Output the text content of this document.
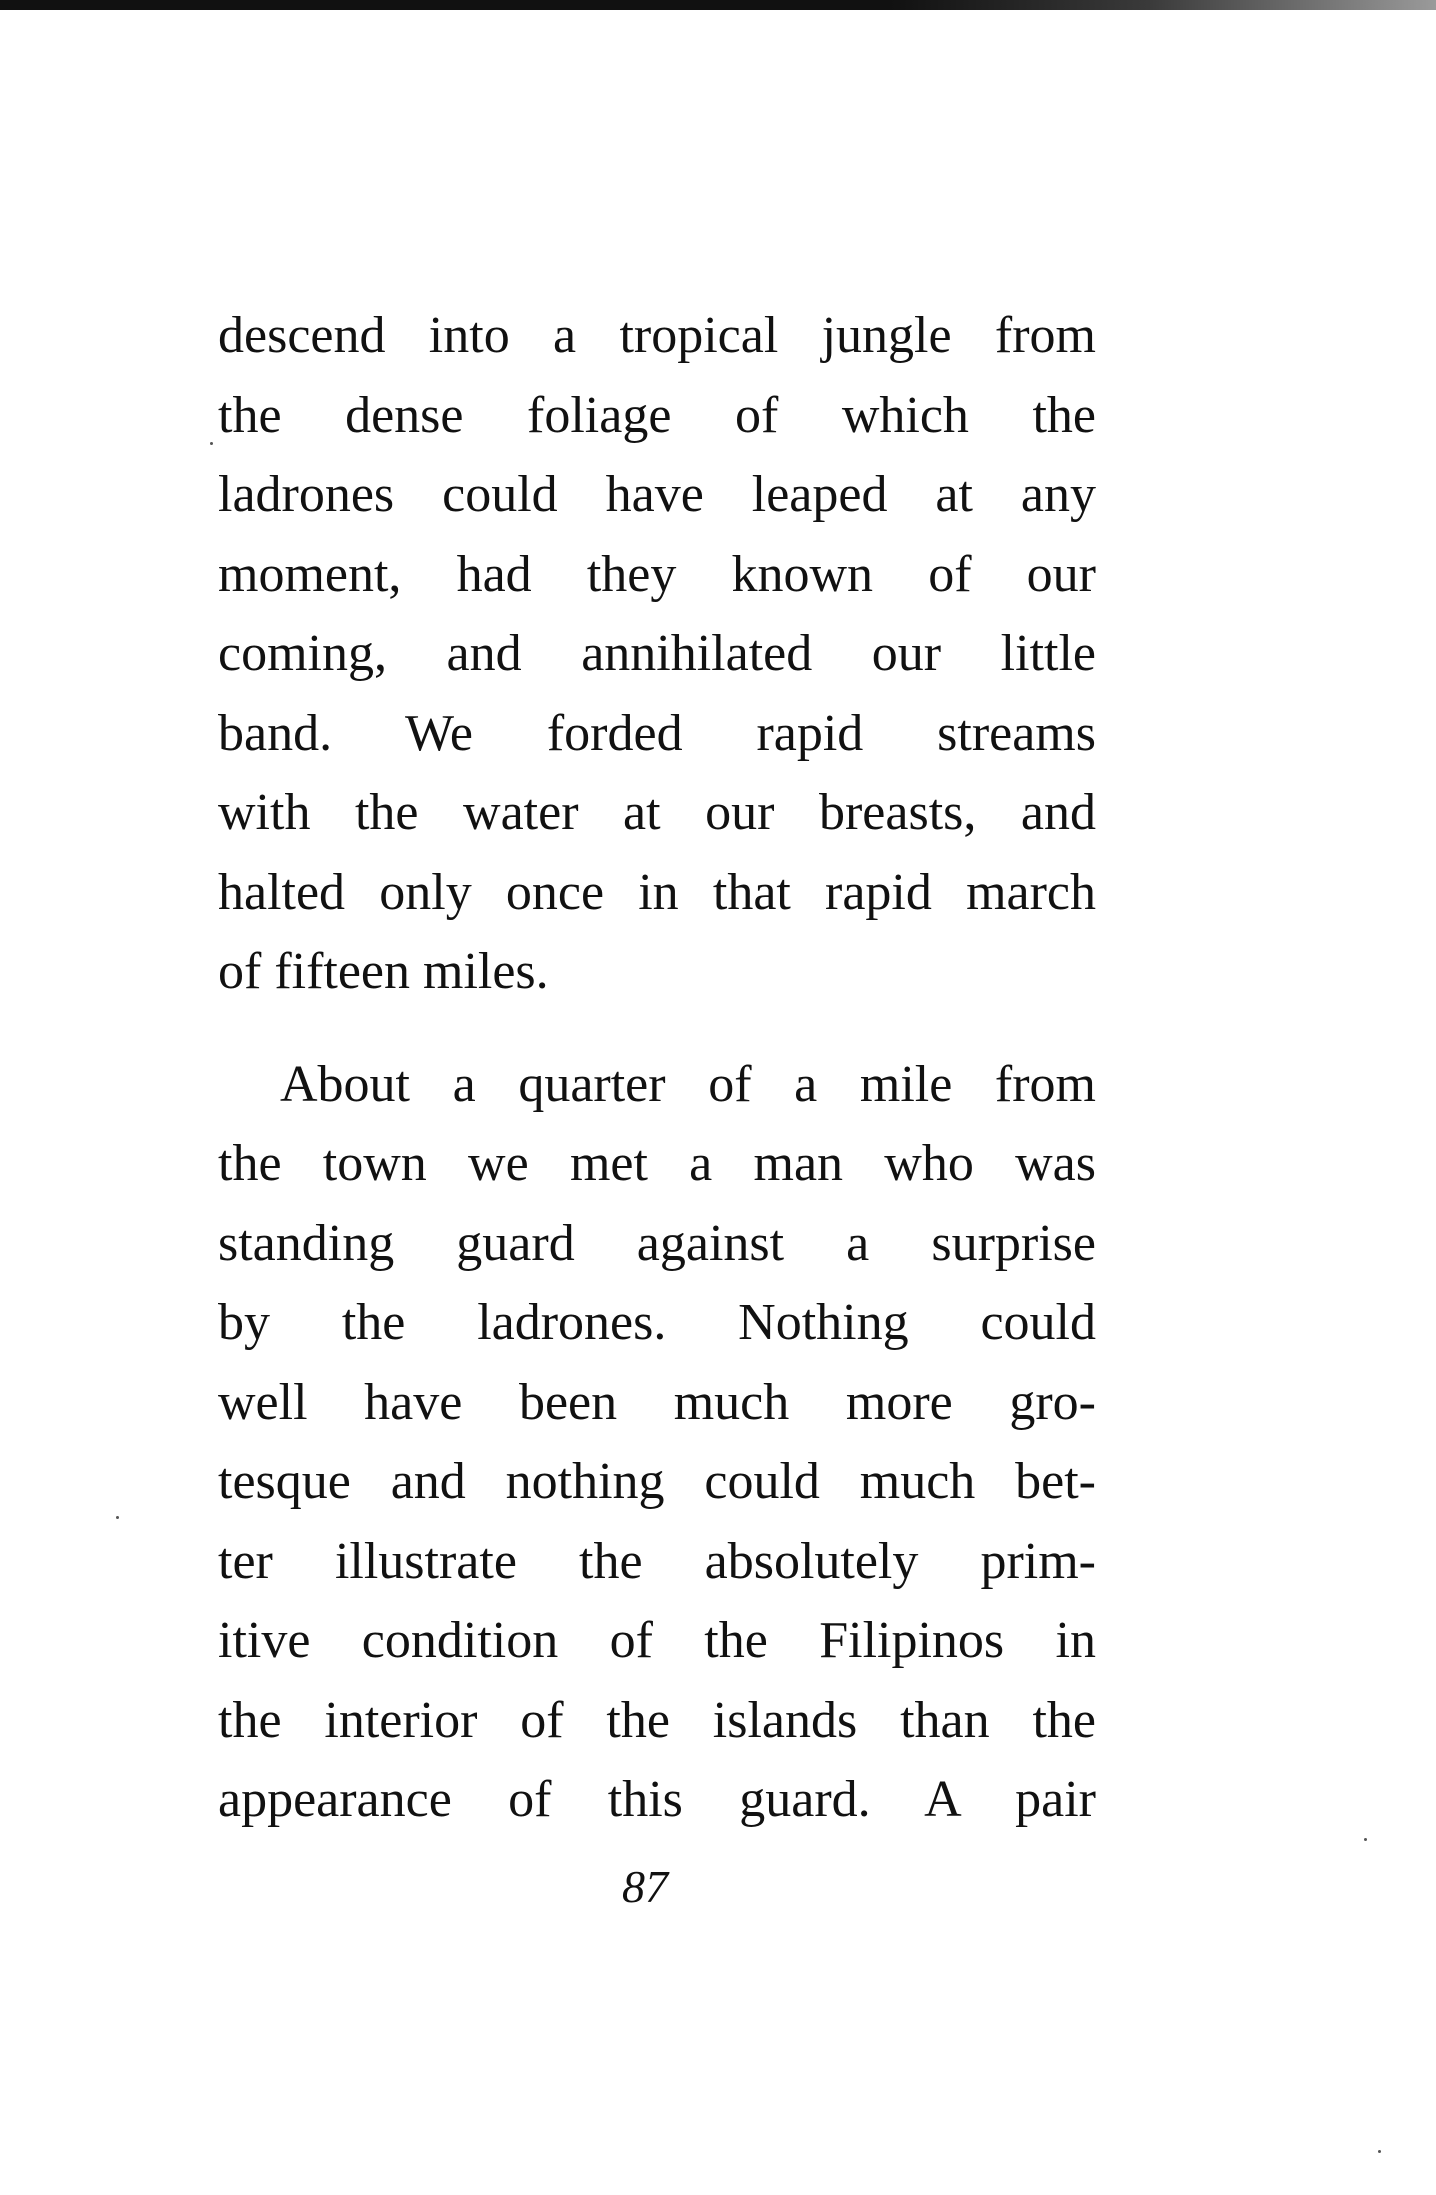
descend into a tropical jungle from
the dense foliage of which the
ladrones could have leaped at any
moment, had they known of our
coming, and annihilated our little
band. We forded rapid streams
with the water at our breasts, and
halted only once in that rapid march
of fifteen miles.
About a quarter of a mile from
the town we met a man who was
standing guard against a surprise
by the ladrones. Nothing could
well have been much more gro-
tesque and nothing could much bet-
ter illustrate the absolutely prim-
itive condition of the Filipinos in
the interior of the islands than the
appearance of this guard. A pair
87
